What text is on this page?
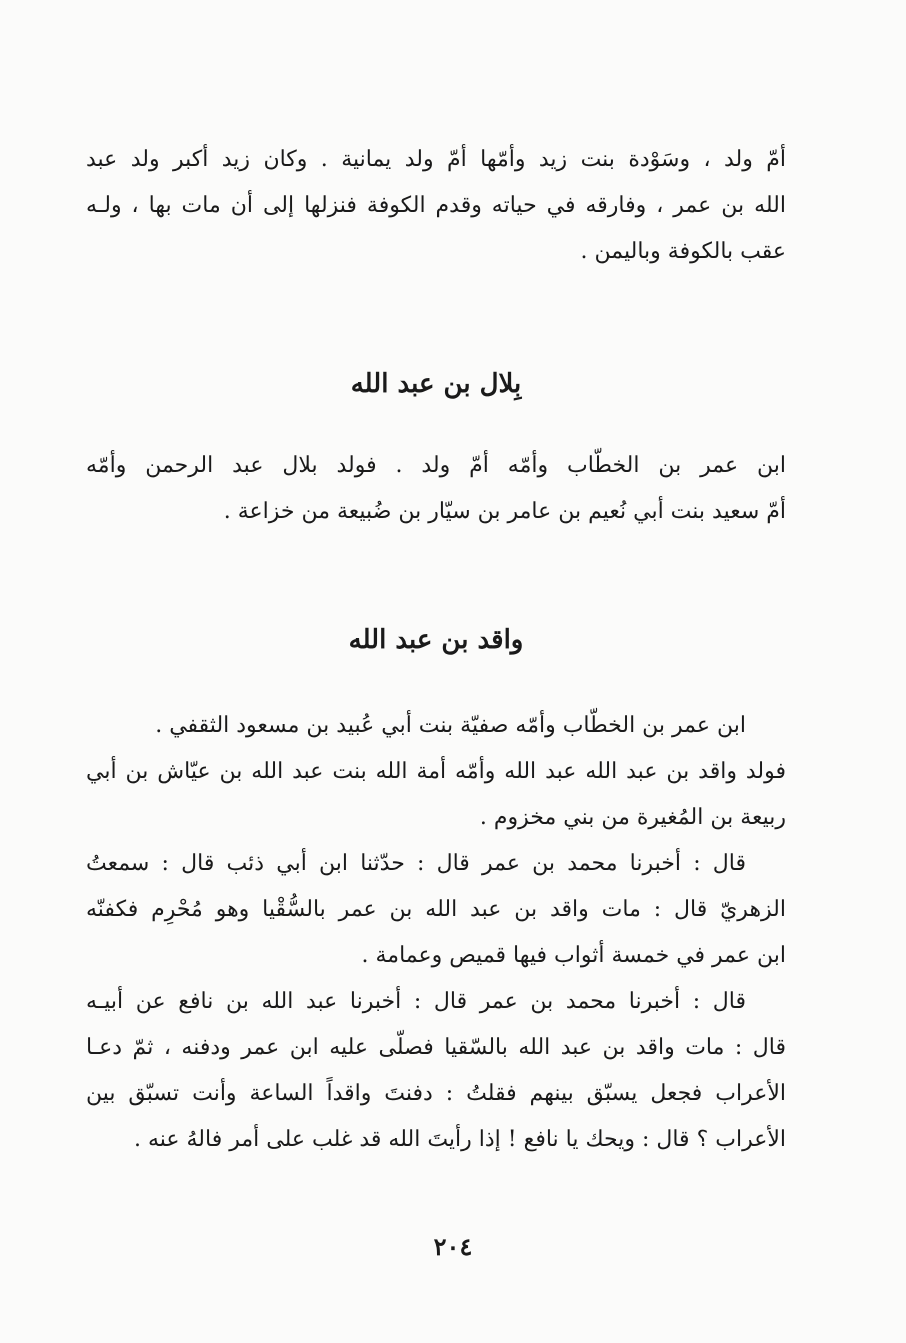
أمّ ولد ، وسَوْدة بنت زيد وأمّها أمّ ولد يمانية . وكان زيد أكبر ولد عبد
الله بن عمر ، وفارقه في حياته وقدم الكوفة فنزلها إلى أن مات بها ، ولـه
عقب بالكوفة وباليمن .
بِلال بن عبد الله
ابن عمر بن الخطّاب وأمّه أمّ ولد . فولد بلال عبد الرحمن وأمّه
أمّ سعيد بنت أبي نُعيم بن عامر بن سيّار بن ضُبيعة من خزاعة .
واقد بن عبد الله
ابن عمر بن الخطّاب وأمّه صفيّة بنت أبي عُبيد بن مسعود الثقفي .
فولد واقد بن عبد الله عبد الله وأمّه أمة الله بنت عبد الله بن عيّاش بن أبي
ربيعة بن المُغيرة من بني مخزوم .
قال : أخبرنا محمد بن عمر قال : حدّثنا ابن أبي ذئب قال : سمعتُ
الزهريّ قال : مات واقد بن عبد الله بن عمر بالسُّقْيا وهو مُحْرِم فكفنّه
ابن عمر في خمسة أثواب فيها قميص وعمامة .
قال : أخبرنا محمد بن عمر قال : أخبرنا عبد الله بن نافع عن أبيـه
قال : مات واقد بن عبد الله بالسّقيا فصلّى عليه ابن عمر ودفنه ، ثمّ دعـا
الأعراب فجعل يسبّق بينهم فقلتُ : دفنتَ واقداً الساعة وأنت تسبّق بين
الأعراب ؟ قال : ويحك يا نافع ! إذا رأيتَ الله قد غلب على أمر فالهُ عنه .
٢٠٤
